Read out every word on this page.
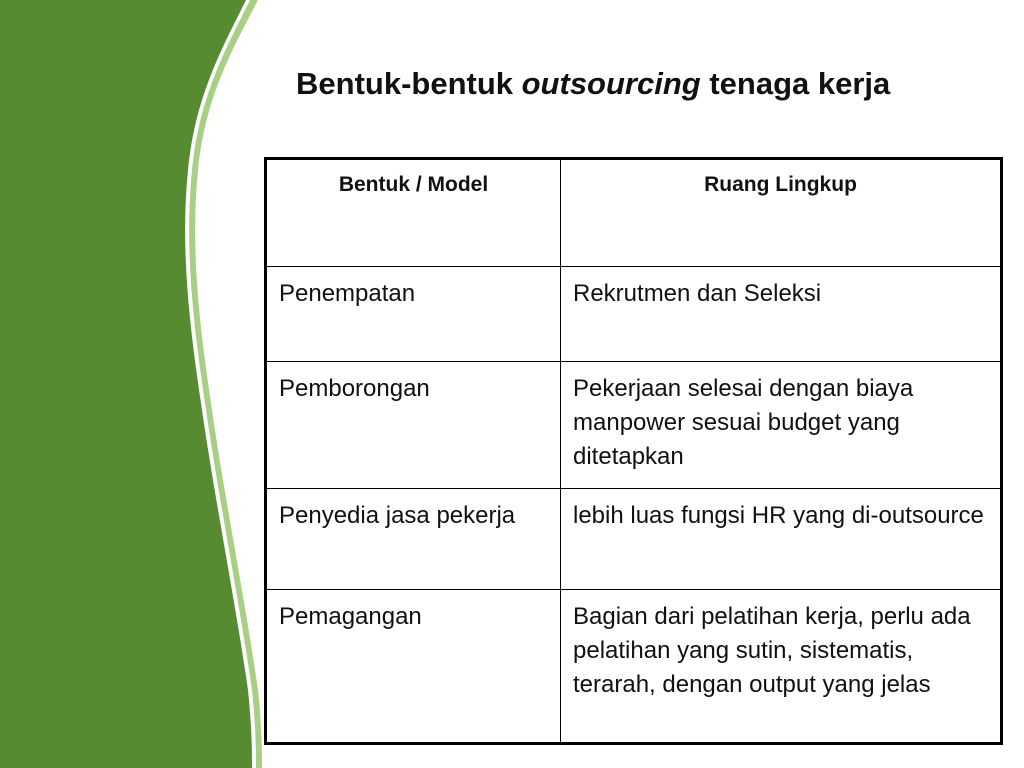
Bentuk-bentuk outsourcing tenaga kerja
Bentuk / Model	Ruang Lingkup
Penempatan	Rekrutmen dan Seleksi
Pemborongan	Pekerjaan selesai dengan biaya manpower sesuai budget yang ditetapkan
Penyedia jasa pekerja	lebih luas fungsi HR yang di-outsource
Pemagangan	Bagian dari pelatihan kerja, perlu ada pelatihan yang sutin, sistematis, terarah, dengan output yang jelas
